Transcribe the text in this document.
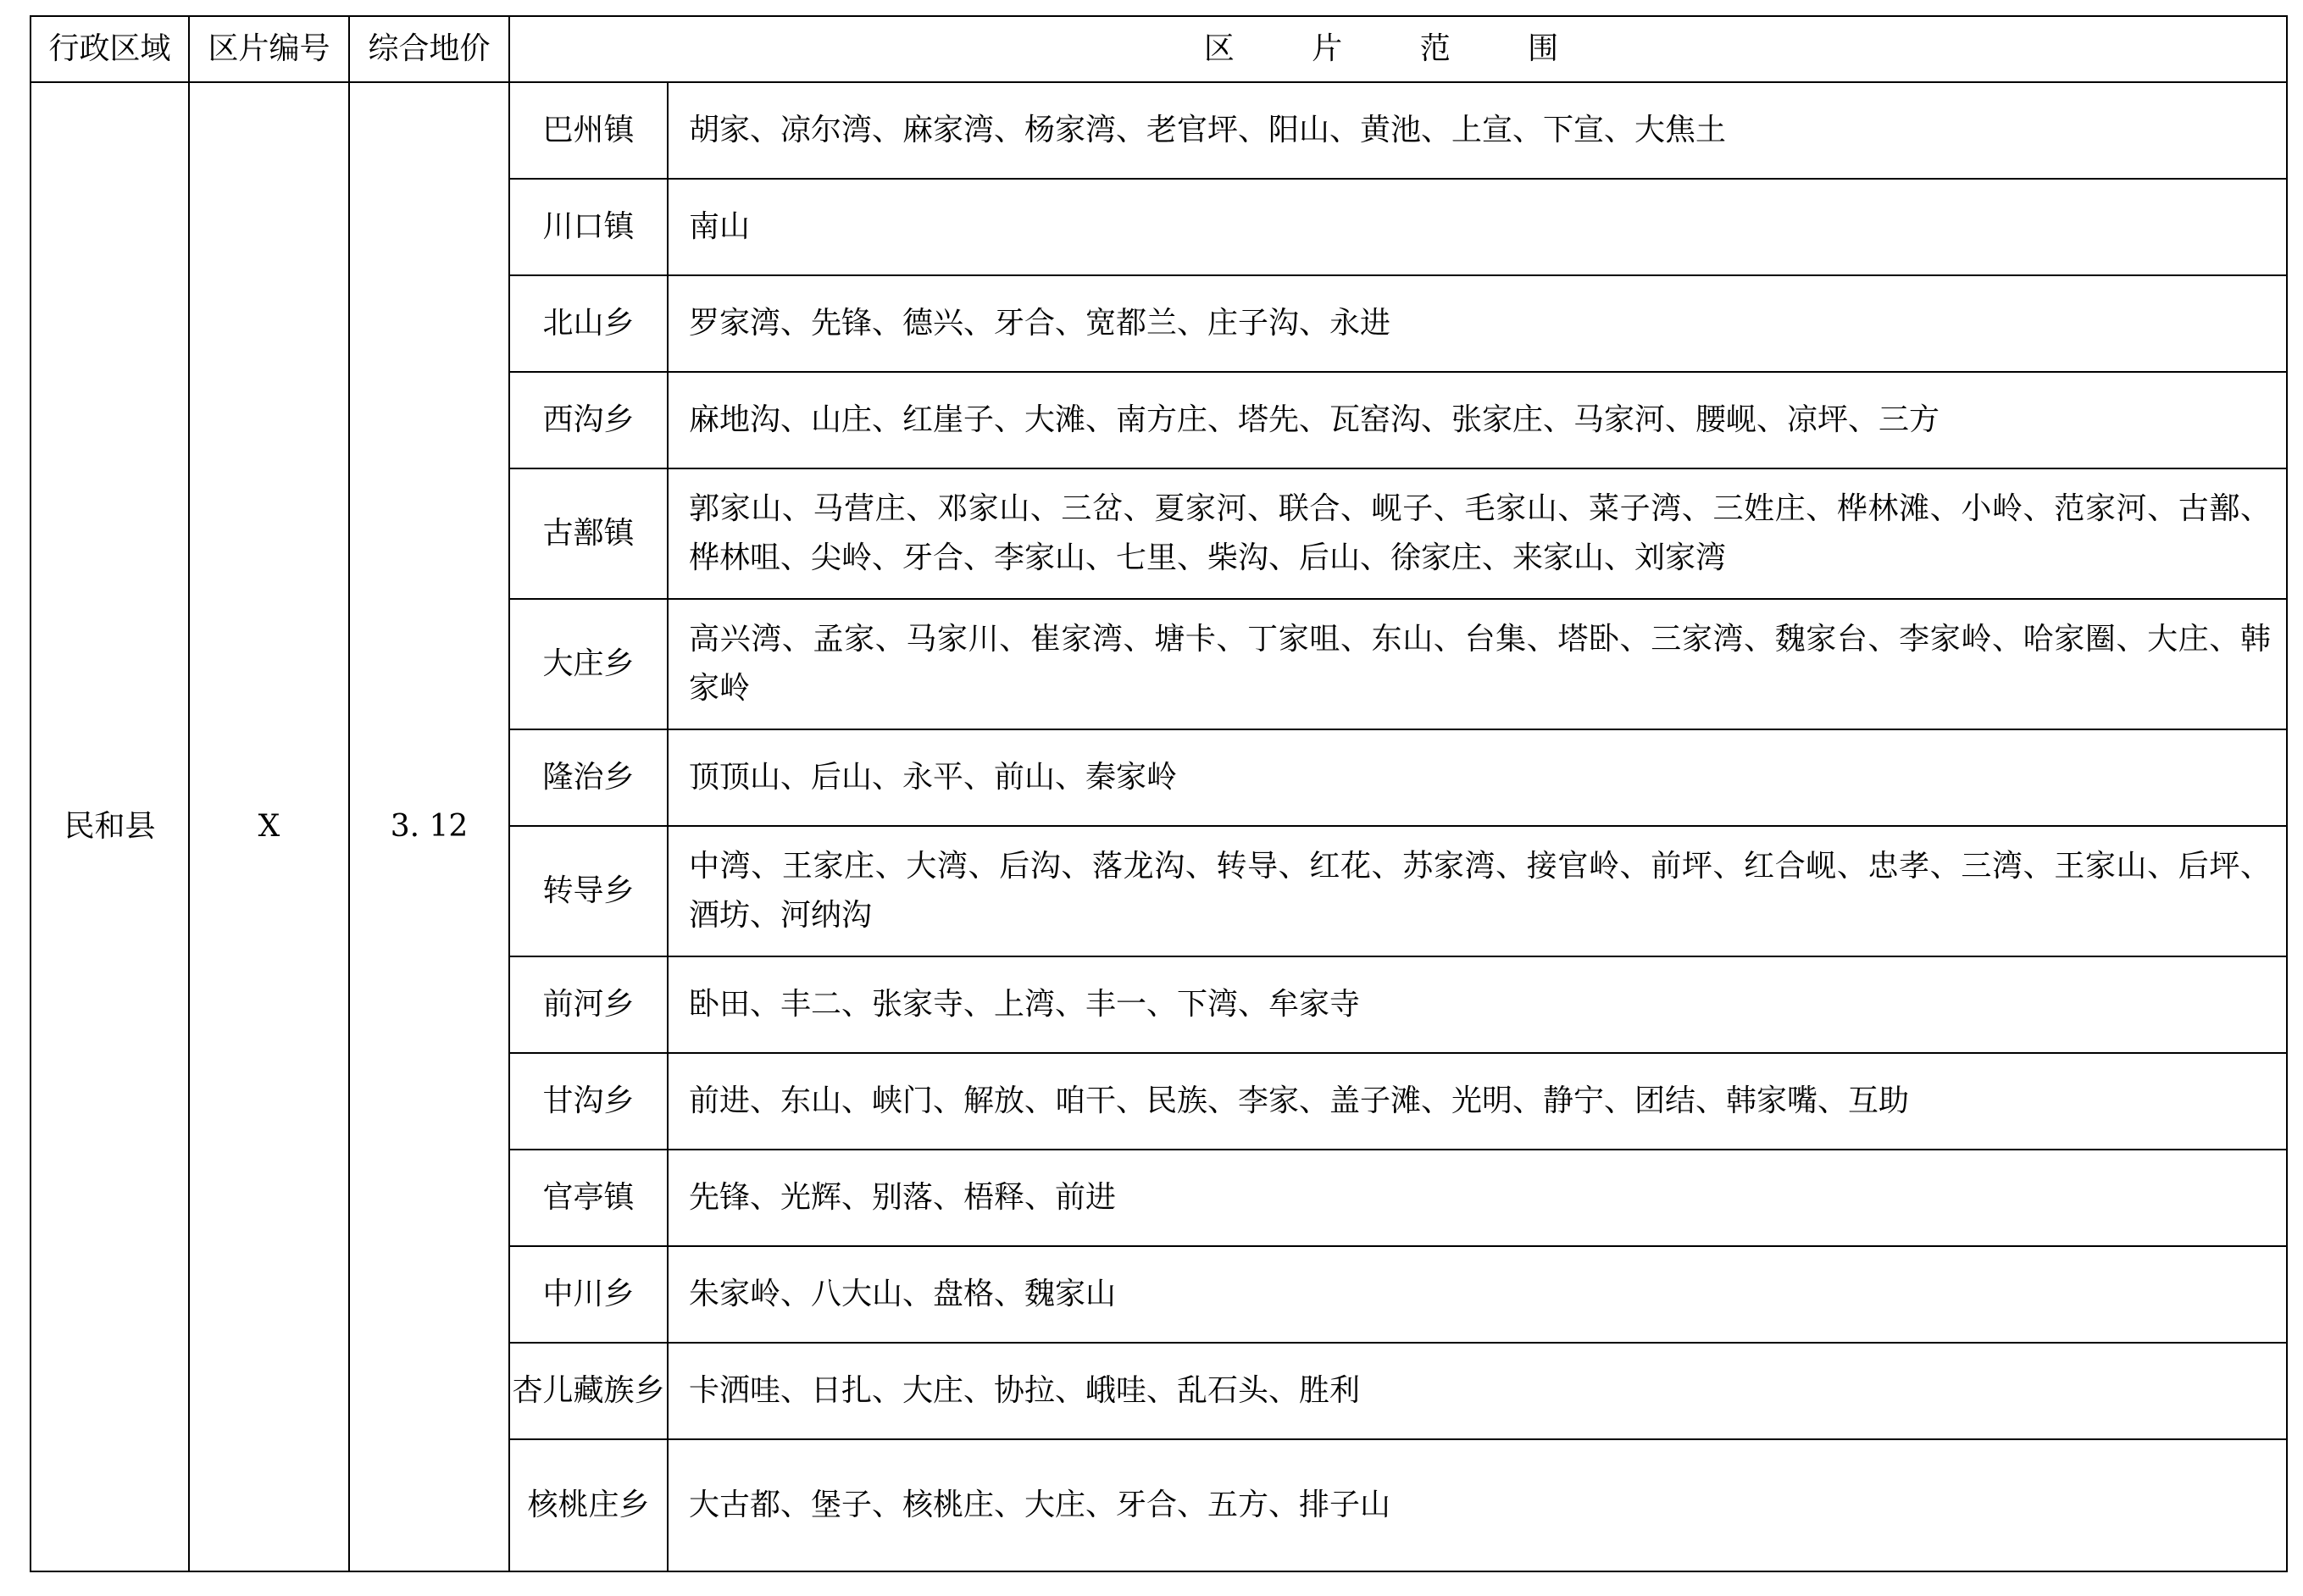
行政区域	区片编号	综合地价	区 片 范 围	
民和县	X	3. 12	巴州镇	胡家、凉尔湾、麻家湾、杨家湾、老官坪、阳山、黄池、上宣、下宣、大焦土
			川口镇	南山
			北山乡	罗家湾、先锋、德兴、牙合、宽都兰、庄子沟、永进
			西沟乡	麻地沟、山庄、红崖子、大滩、南方庄、塔先、瓦窑沟、张家庄、马家河、腰岘、凉坪、三方
			古鄯镇	郭家山、马营庄、邓家山、三岔、夏家河、联合、岘子、毛家山、菜子湾、三姓庄、桦林滩、小岭、范家河、古鄯、桦林咀、尖岭、牙合、李家山、七里、柴沟、后山、徐家庄、来家山、刘家湾
			大庄乡	高兴湾、孟家、马家川、崔家湾、塘卡、丁家咀、东山、台集、塔卧、三家湾、魏家台、李家岭、哈家圈、大庄、韩家岭
			隆治乡	顶顶山、后山、永平、前山、秦家岭
			转导乡	中湾、王家庄、大湾、后沟、落龙沟、转导、红花、苏家湾、接官岭、前坪、红合岘、忠孝、三湾、王家山、后坪、酒坊、河纳沟
			前河乡	卧田、丰二、张家寺、上湾、丰一、下湾、牟家寺
			甘沟乡	前进、东山、峡门、解放、咱干、民族、李家、盖子滩、光明、静宁、团结、韩家嘴、互助
			官亭镇	先锋、光辉、别落、梧释、前进
			中川乡	朱家岭、八大山、盘格、魏家山
			杏儿藏族乡	卡洒哇、日扎、大庄、协拉、峨哇、乱石头、胜利
			核桃庄乡	大古都、堡子、核桃庄、大庄、牙合、五方、排子山
